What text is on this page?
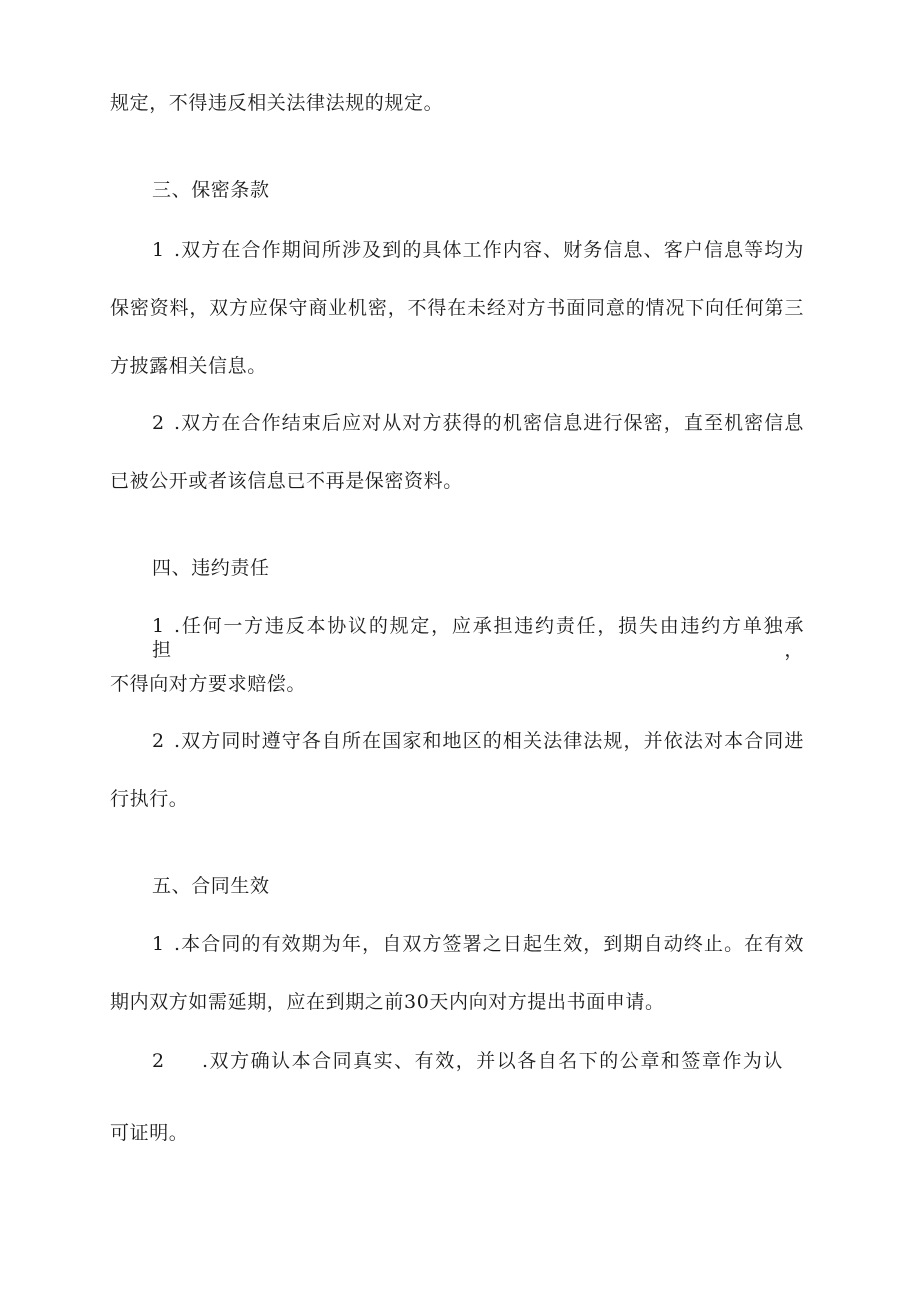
规定，不得违反相关法律法规的规定。
三、保密条款
1 .双方在合作期间所涉及到的具体工作内容、财务信息、客户信息等均为
保密资料，双方应保守商业机密，不得在未经对方书面同意的情况下向任何第三
方披露相关信息。
2 .双方在合作结束后应对从对方获得的机密信息进行保密，直至机密信息
已被公开或者该信息已不再是保密资料。
四、违约责任
1 .任何一方违反本协议的规定，应承担违约责任，损失由违约方单独承担，
不得向对方要求赔偿。
2 .双方同时遵守各自所在国家和地区的相关法律法规，并依法对本合同进
行执行。
五、合同生效
1 .本合同的有效期为年，自双方签署之日起生效，到期自动终止。在有效
期内双方如需延期，应在到期之前30天内向对方提出书面申请。
2 .双方确认本合同真实、有效，并以各自名下的公章和签章作为认
可证明。
